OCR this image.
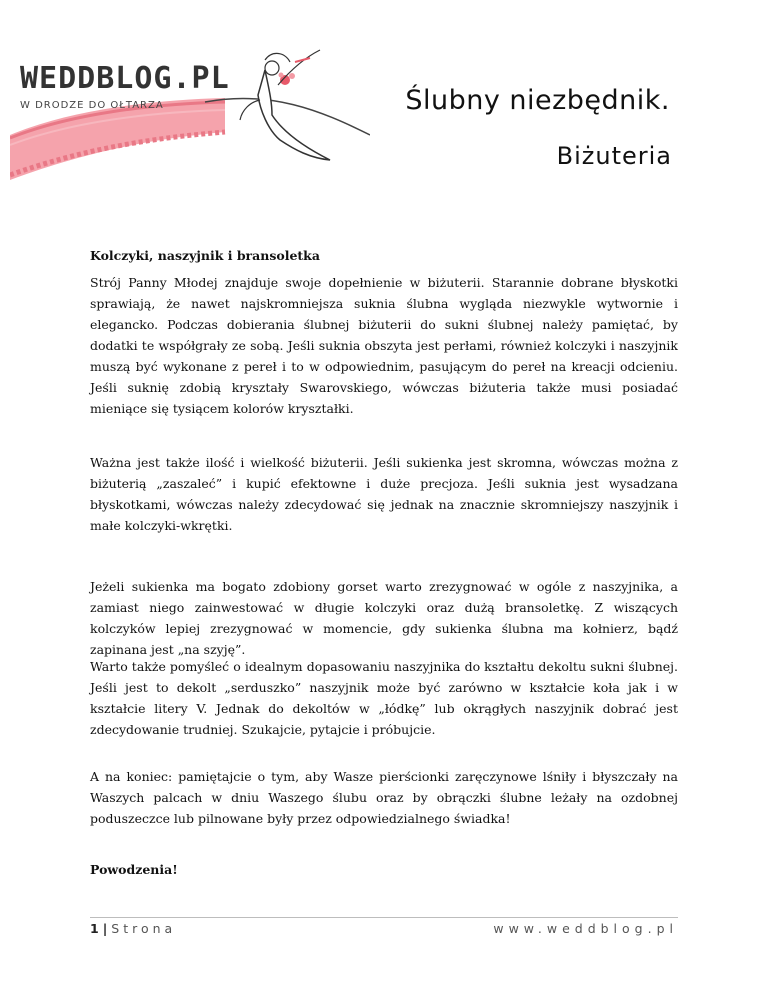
WEDDBLOG.PL
W DRODZE DO OŁTARZA	Ślubny niezbędnik.
Biżuteria

Kolczyki, naszyjnik i bransoletka

Strój Panny Młodej znajduje swoje dopełnienie w biżuterii. Starannie dobrane błyskotki sprawiają, że nawet najskromniejsza suknia ślubna wygląda niezwykle wytwornie i elegancko. Podczas dobierania ślubnej biżuterii do sukni ślubnej należy pamiętać, by dodatki te współgrały ze sobą. Jeśli suknia obszyta jest perłami, również kolczyki i naszyjnik muszą być wykonane z pereł i to w odpowiednim, pasującym do pereł na kreacji odcieniu. Jeśli suknię zdobią kryształy Swarovskiego, wówczas biżuteria także musi posiadać mieniące się tysiącem kolorów kryształki.

Ważna jest także ilość i wielkość biżuterii. Jeśli sukienka jest skromna, wówczas można z biżuterią „zaszaleć” i kupić efektowne i duże precjoza. Jeśli suknia jest wysadzana błyskotkami, wówczas należy zdecydować się jednak na znacznie skromniejszy naszyjnik i małe kolczyki-wkrętki.

Jeżeli sukienka ma bogato zdobiony gorset warto zrezygnować w ogóle z naszyjnika, a zamiast niego zainwestować w długie kolczyki oraz dużą bransoletkę. Z wiszących kolczyków lepiej zrezygnować w momencie, gdy sukienka ślubna ma kołnierz, bądź zapinana jest „na szyję”.

Warto także pomyśleć o idealnym dopasowaniu naszyjnika do kształtu dekoltu sukni ślubnej. Jeśli jest to dekolt „serduszko” naszyjnik może być zarówno w kształcie koła jak i w kształcie litery V. Jednak do dekoltów w „łódkę” lub okrągłych naszyjnik dobrać jest zdecydowanie trudniej. Szukajcie, pytajcie i próbujcie.

A na koniec: pamiętajcie o tym, aby Wasze pierścionki zaręczynowe lśniły i błyszczały na Waszych palcach w dniu Waszego ślubu oraz by obrączki ślubne leżały na ozdobnej poduszeczce lub pilnowane były przez odpowiedzialnego świadka!

Powodzenia!
1 | Strona	www.weddblog.pl
